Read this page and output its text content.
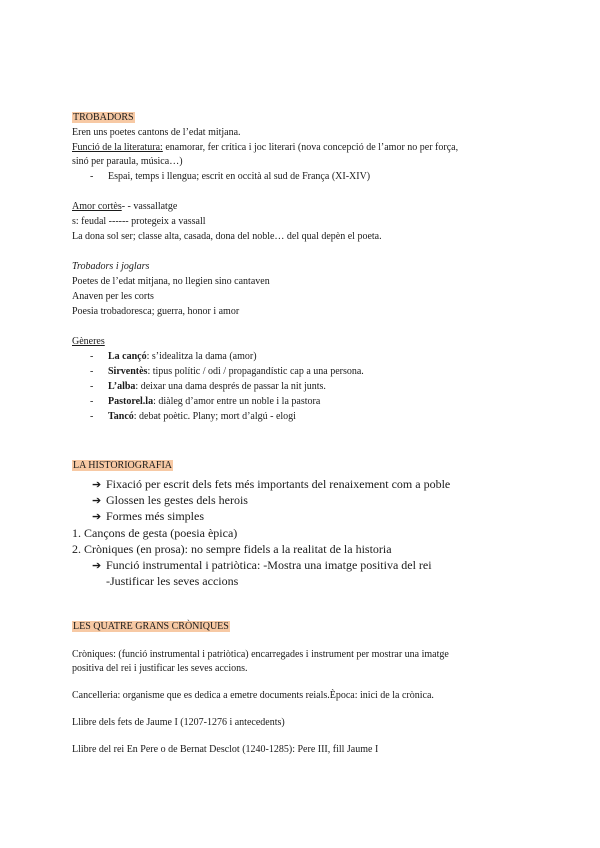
TROBADORS
Eren uns poetes cantons de l’edat mitjana.
Funció de la literatura: enamorar, fer crítica i joc literari (nova concepció de l’amor no per força,
sinó per paraula, música…)
- Espai, temps i llengua; escrit en occità al sud de França (XI-XIV)
Amor cortès- - vassallatge
s: feudal ------ protegeix a vassall
La dona sol ser; classe alta, casada, dona del noble… del qual depèn el poeta.
Trobadors i joglars
Poetes de l’edat mitjana, no llegien sino cantaven
Anaven per les corts
Poesia trobadoresca; guerra, honor i amor
Gèneres
- La cançó: s’idealitza la dama (amor)
- Sirventès: tipus polític / odi / propagandístic cap a una persona.
- L’alba: deixar una dama després de passar la nit junts.
- Pastorel.la: diàleg d’amor entre un noble i la pastora
- Tancó: debat poètic. Plany; mort d’algú - elogi
LA HISTORIOGRAFIA
➔ Fixació per escrit dels fets més importants del renaixement com a poble
➔ Glossen les gestes dels herois
➔ Formes més simples
1. Cançons de gesta (poesia èpica)
2. Cròniques (en prosa): no sempre fidels a la realitat de la historia
➔ Funció instrumental i patriòtica: -Mostra una imatge positiva del rei
-Justificar les seves accions
LES QUATRE GRANS CRÒNIQUES
Cròniques: (funció instrumental i patriòtica) encarregades i instrument per mostrar una imatge
positiva del rei i justificar les seves accions.
Cancelleria: organisme que es dedica a emetre documents reials.Època: inici de la crònica.
Llibre dels fets de Jaume I (1207-1276 i antecedents)
Llibre del rei En Pere o de Bernat Desclot (1240-1285): Pere III, fill Jaume I
